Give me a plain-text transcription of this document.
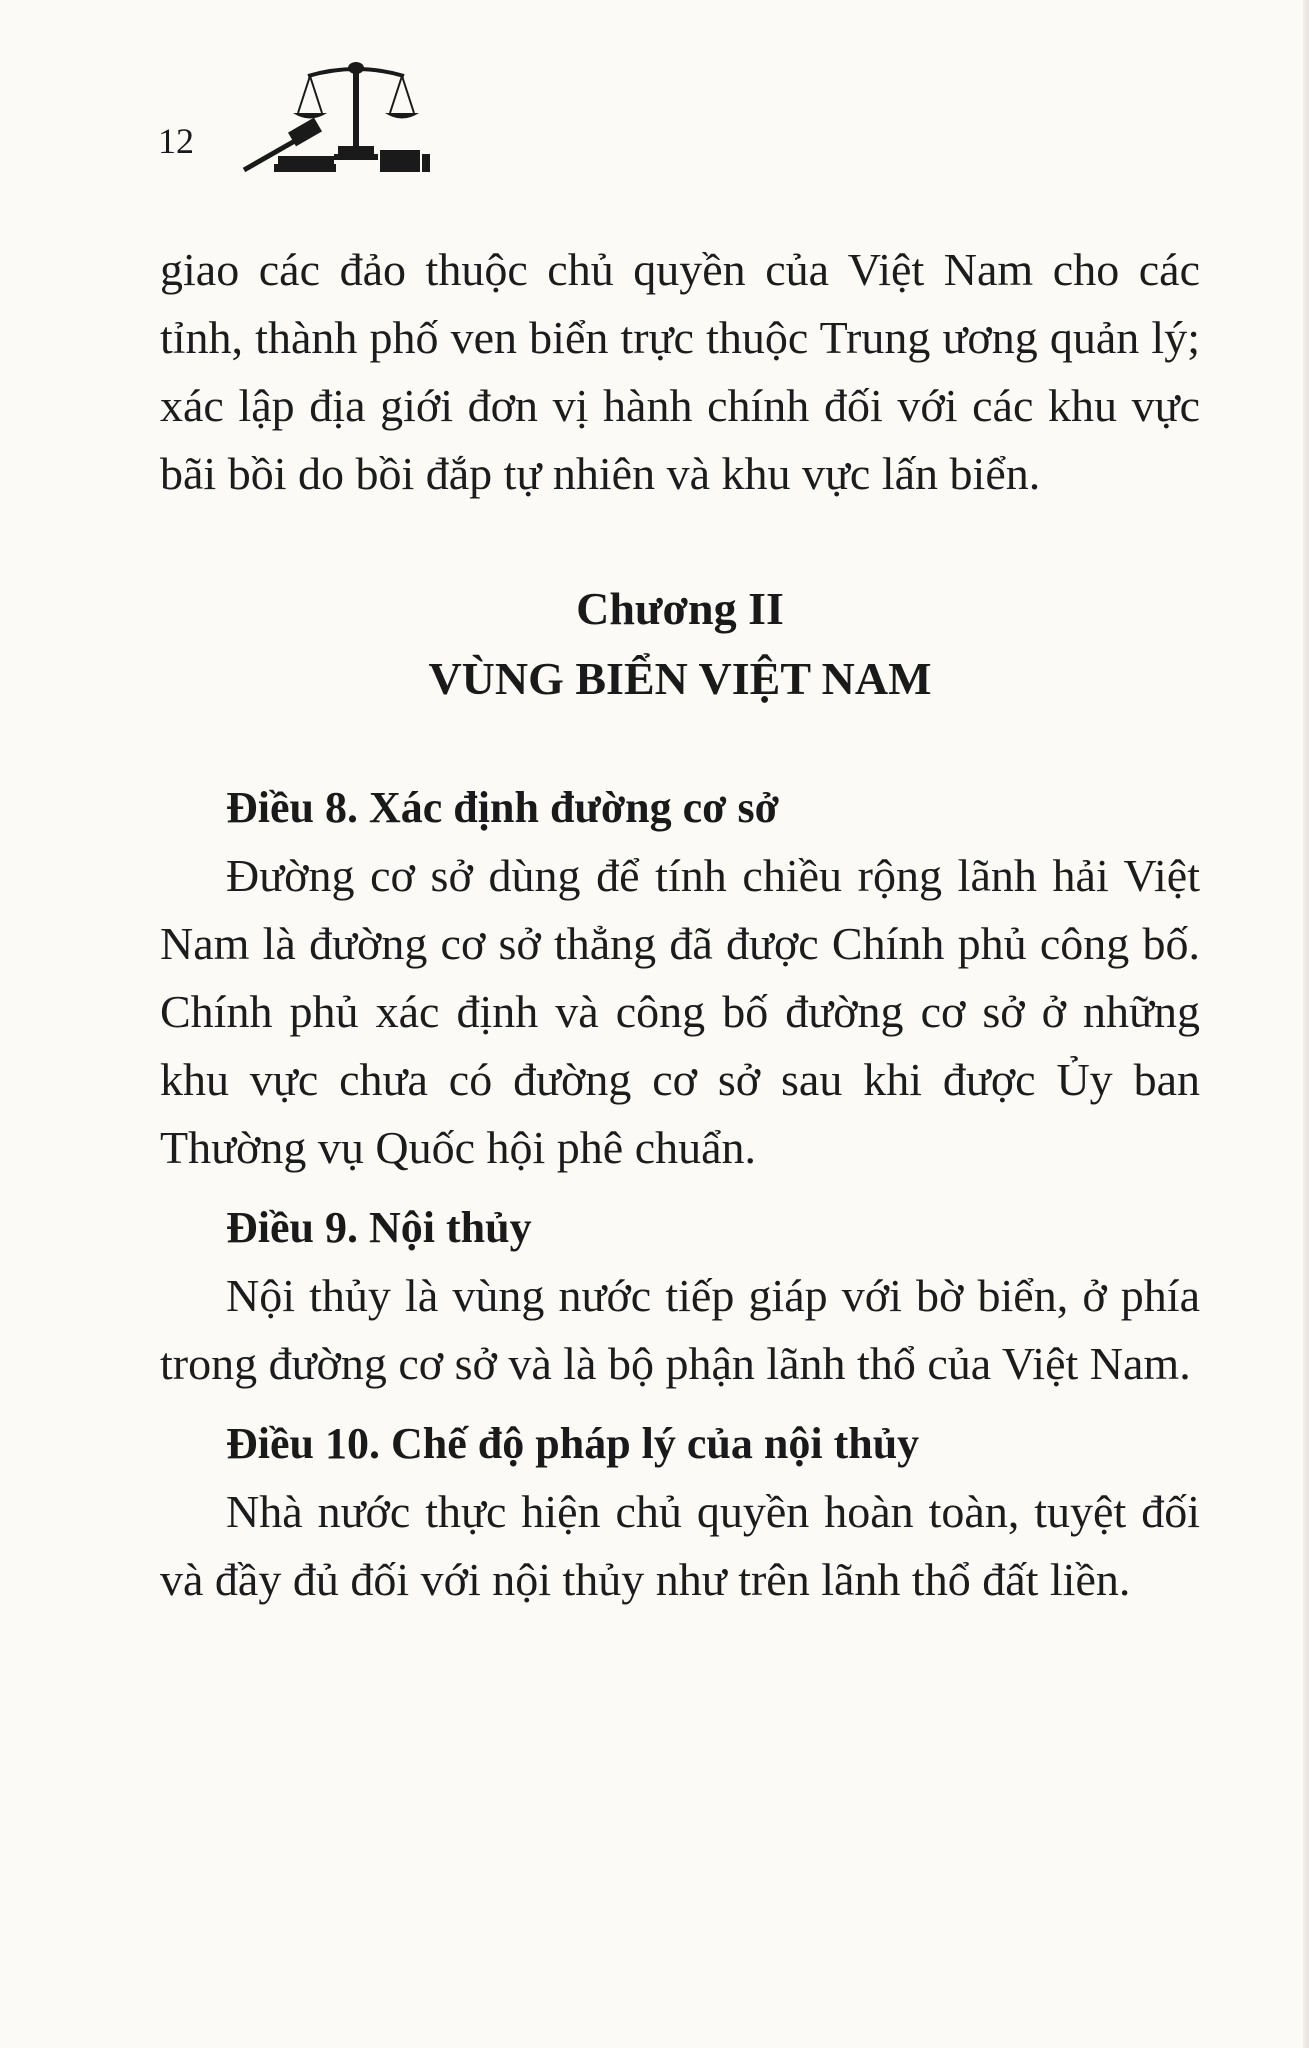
12

giao các đảo thuộc chủ quyền của Việt Nam cho các tỉnh, thành phố ven biển trực thuộc Trung ương quản lý; xác lập địa giới đơn vị hành chính đối với các khu vực bãi bồi do bồi đắp tự nhiên và khu vực lấn biển.

Chương II

VÙNG BIỂN VIỆT NAM

Điều 8. Xác định đường cơ sở

Đường cơ sở dùng để tính chiều rộng lãnh hải Việt Nam là đường cơ sở thẳng đã được Chính phủ công bố. Chính phủ xác định và công bố đường cơ sở ở những khu vực chưa có đường cơ sở sau khi được Ủy ban Thường vụ Quốc hội phê chuẩn.

Điều 9. Nội thủy

Nội thủy là vùng nước tiếp giáp với bờ biển, ở phía trong đường cơ sở và là bộ phận lãnh thổ của Việt Nam.

Điều 10. Chế độ pháp lý của nội thủy

Nhà nước thực hiện chủ quyền hoàn toàn, tuyệt đối và đầy đủ đối với nội thủy như trên lãnh thổ đất liền.
